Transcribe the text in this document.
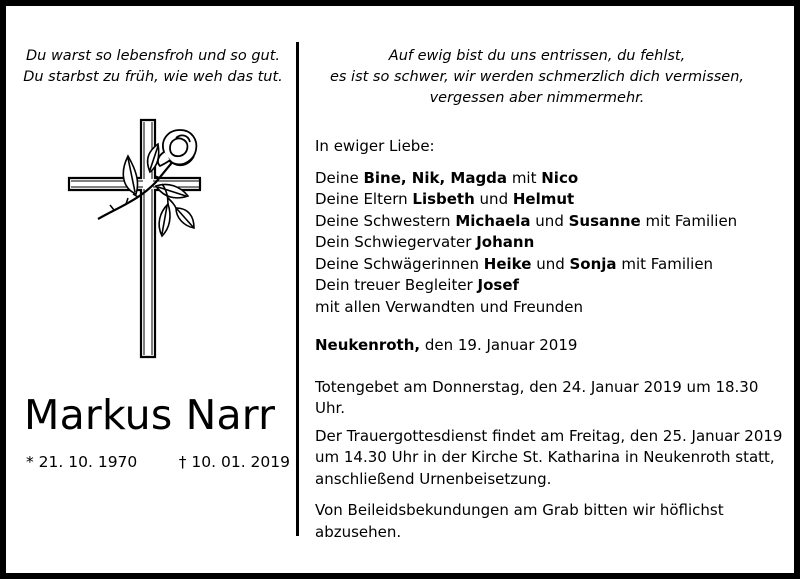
Du warst so lebensfroh und so gut.
Du starbst zu früh, wie weh das tut.
Auf ewig bist du uns entrissen, du fehlst,
es ist so schwer, wir werden schmerzlich dich vermissen,
vergessen aber nimmermehr.
Markus Narr
* 21. 10. 1970	† 10. 01. 2019

In ewiger Liebe:

Deine Bine, Nik, Magda mit Nico

Deine Eltern Lisbeth und Helmut

Deine Schwestern Michaela und Susanne mit Familien

Dein Schwiegervater Johann

Deine Schwägerinnen Heike und Sonja mit Familien

Dein treuer Begleiter Josef

mit allen Verwandten und Freunden

Neukenroth, den 19. Januar 2019

Totengebet am Donnerstag, den 24. Januar 2019 um 18.30 Uhr.

Der Trauergottesdienst findet am Freitag, den 25. Januar 2019

um 14.30 Uhr in der Kirche St. Katharina in Neukenroth statt,

anschließend Urnenbeisetzung.

Von Beileidsbekundungen am Grab bitten wir höflichst

abzusehen.
